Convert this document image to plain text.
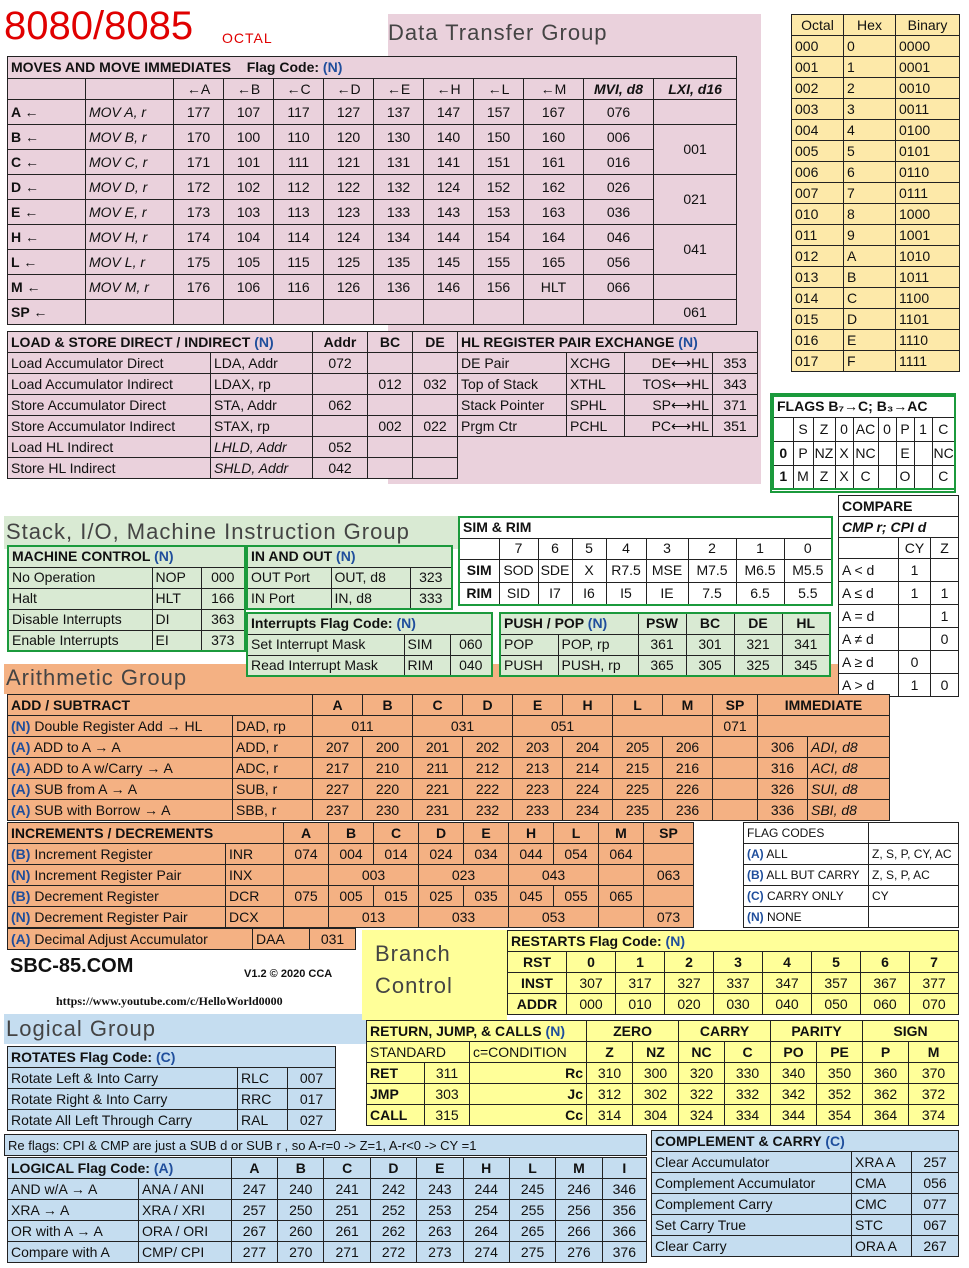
8080/8085 OCTAL	Data Transfer Group
MOVES AND MOVE IMMEDIATES Flag Code: (N)											
		←A	←B	←C	←D	←E	←H	←L	←M	MVI, d8	LXI, d16
A ←	MOV A, r	177	107	117	127	137	147	157	167	076	
B ←	MOV B, r	170	100	110	120	130	140	150	160	006	001
C ←	MOV C, r	171	101	111	121	131	141	151	161	016	
D ←	MOV D, r	172	102	112	122	132	124	152	162	026	021
E ←	MOV E, r	173	103	113	123	133	143	153	163	036	
H ←	MOV H, r	174	104	114	124	134	144	154	164	046	041
L ←	MOV L, r	175	105	115	125	135	145	155	165	056	
M ←	MOV M, r	176	106	116	126	136	146	156	HLT	066	
SP ←											061
Octal	Hex	Binary
000	0	0000
001	1	0001
002	2	0010
003	3	0011
004	4	0100
005	5	0101
006	6	0110
007	7	0111
010	8	1000
011	9	1001
012	A	1010
013	B	1011
014	C	1100
015	D	1101
016	E	1110
017	F	1111
LOAD & STORE DIRECT / INDIRECT (N)		Addr	BC	DE
Load Accumulator Direct	LDA, Addr	072		
Load Accumulator Indirect	LDAX, rp		012	032
Store Accumulator Direct	STA, Addr	062		
Store Accumulator Indirect	STAX, rp		002	022
Load HL Indirect	LHLD, Addr	052		
Store HL Indirect	SHLD, Addr	042		
HL REGISTER PAIR EXCHANGE (N)			
DE Pair	XCHG	DE⟷HL	353
Top of Stack	XTHL	TOS⟷HL	343
Stack Pointer	SPHL	SP⟷HL	371
Prgm Ctr	PCHL	PC⟷HL	351
FLAGS B₇→C; B₃→AC								
	S	Z	0	AC	0	P	1	C
0	P	NZ	X	NC		E		NC
1	M	Z	X	C		O		C
COMPARE		
CMP r; CPI d		
	CY	Z
A < d	1	
A ≤ d	1	1
A = d		1
A ≠ d		0
A ≥ d	0	
A > d	1	0
Stack, I/O, Machine Instruction Group
MACHINE CONTROL (N)		
No Operation	NOP	000
Halt	HLT	166
Disable Interrupts	DI	363
Enable Interrupts	EI	373
IN AND OUT (N)		
OUT Port	OUT, d8	323
IN Port	IN, d8	333
SIM & RIM								
	7	6	5	4	3	2	1	0
SIM	SOD	SDE	X	R7.5	MSE	M7.5	M6.5	M5.5
RIM	SID	I7	I6	I5	IE	7.5	6.5	5.5
Interrupts Flag Code: (N)		
Set Interrupt Mask	SIM	060
Read Interrupt Mask	RIM	040
PUSH / POP (N)		PSW	BC	DE	HL
POP	POP, rp	361	301	321	341
PUSH	PUSH, rp	365	305	325	345
Arithmetic Group
ADD / SUBTRACT		A	B	C	D	E	H	L	M	SP	IMMEDIATE	
(N) Double Register Add → HL	DAD, rp	011		031		051				071		
(A) ADD to A → A	ADD, r	207	200	201	202	203	204	205	206		306	ADI, d8
(A) ADD to A w/Carry → A	ADC, r	217	210	211	212	213	214	215	216		316	ACI, d8
(A) SUB from A → A	SUB, r	227	220	221	222	223	224	225	226		326	SUI, d8
(A) SUB with Borrow → A	SBB, r	237	230	231	232	233	234	235	236		336	SBI, d8
INCREMENTS / DECREMENTS		A	B	C	D	E	H	L	M	SP
(B) Increment Register	INR	074	004	014	024	034	044	054	064	
(N) Increment Register Pair	INX		003		023		043			063
(B) Decrement Register	DCR	075	005	015	025	035	045	055	065	
(N) Decrement Register Pair	DCX		013		033		053			073
FLAG CODES	
(A) ALL	Z, S, P, CY, AC
(B) ALL BUT CARRY	Z, S, P, AC
(C) CARRY ONLY	CY
(N) NONE	
(A) Decimal Adjust Accumulator	DAA	031
SBC-85.COM	V1.2 © 2020 CCA
https://www.youtube.com/c/HelloWorld0000
Branch Control
RESTARTS Flag Code: (N)								
RST	0	1	2	3	4	5	6	7
INST	307	317	327	337	347	357	367	377
ADDR	000	010	020	030	040	050	060	070
RETURN, JUMP, & CALLS (N)			ZERO		CARRY		PARITY		SIGN	
STANDARD		c=CONDITION	Z	NZ	NC	C	PO	PE	P	M
RET	311	Rc	310	300	320	330	340	350	360	370
JMP	303	Jc	312	302	322	332	342	352	362	372
CALL	315	Cc	314	304	324	334	344	354	364	374
Logical Group
ROTATES Flag Code: (C)		
Rotate Left & Into Carry	RLC	007
Rotate Right & Into Carry	RRC	017
Rotate All Left Through Carry	RAL	027
Re flags: CPI & CMP are just a SUB d or SUB r , so A-r=0 -> Z=1, A-r<0 -> CY =1
LOGICAL Flag Code: (A)		A	B	C	D	E	H	L	M	I
AND w/A → A	ANA / ANI	247	240	241	242	243	244	245	246	346
XRA → A	XRA / XRI	257	250	251	252	253	254	255	256	356
OR with A → A	ORA / ORI	267	260	261	262	263	264	265	266	366
Compare with A	CMP/ CPI	277	270	271	272	273	274	275	276	376
COMPLEMENT & CARRY (C)		
Clear Accumulator	XRA A	257
Complement Accumulator	CMA	056
Complement Carry	CMC	077
Set Carry True	STC	067
Clear Carry	ORA A	267
